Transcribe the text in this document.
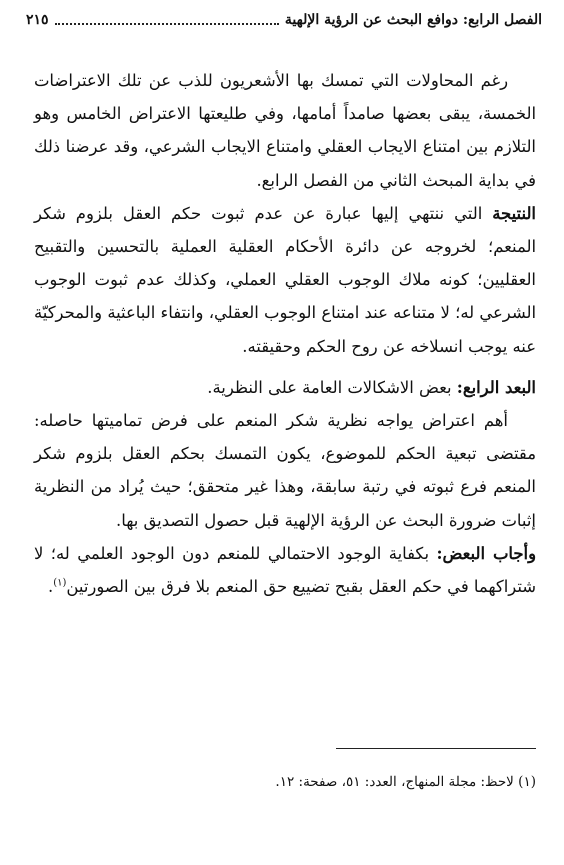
الفصل الرابع: دوافع البحث عن الرؤية الإلهية
٢١٥

رغم المحاولات التي تمسك بها الأشعريون للذب عن تلك الاعتراضات الخمسة، يبقى بعضها صامداً أمامها، وفي طليعتها الاعتراض الخامس وهو التلازم بين امتناع الايجاب العقلي وامتناع الايجاب الشرعي، وقد عرضنا ذلك في بداية المبحث الثاني من الفصل الرابع.

النتيجة التي ننتهي إليها عبارة عن عدم ثبوت حكم العقل بلزوم شكر المنعم؛ لخروجه عن دائرة الأحكام العقلية العملية بالتحسين والتقبيح العقليين؛ كونه ملاك الوجوب العقلي العملي، وكذلك عدم ثبوت الوجوب الشرعي له؛ لا متناعه عند امتناع الوجوب العقلي، وانتفاء الباعثية والمحركيّة عنه يوجب انسلاخه عن روح الحكم وحقيقته.

البعد الرابع: بعض الاشكالات العامة على النظرية.

أهم اعتراض يواجه نظرية شكر المنعم على فرض تماميتها حاصله: مقتضى تبعية الحكم للموضوع، يكون التمسك بحكم العقل بلزوم شكر المنعم فرع ثبوته في رتبة سابقة، وهذا غير متحقق؛ حيث يُراد من النظرية إثبات ضرورة البحث عن الرؤية الإلهية قبل حصول التصديق بها.

وأجاب البعض: بكفاية الوجود الاحتمالي للمنعم دون الوجود العلمي له؛ لا شتراكهما في حكم العقل بقبح تضييع حق المنعم بلا فرق بين الصورتين$^{(١)}$.

(١) لاحظ: مجلة المنهاج، العدد: ٥١، صفحة: ١٢.
